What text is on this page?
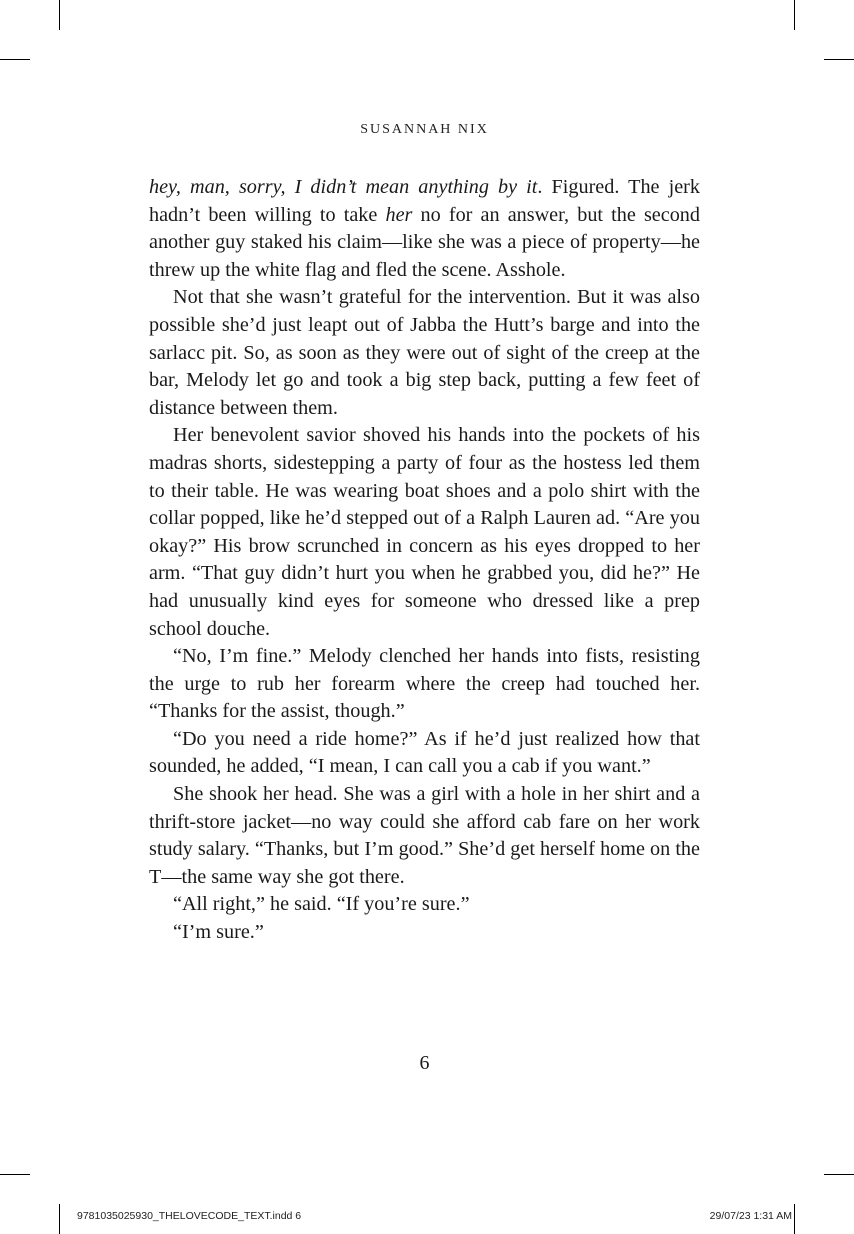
SUSANNAH NIX

hey, man, sorry, I didn’t mean anything by it. Figured. The jerk hadn’t been willing to take her no for an answer, but the second another guy staked his claim—like she was a piece of property—he threw up the white flag and fled the scene. Asshole.

Not that she wasn’t grateful for the intervention. But it was also possible she’d just leapt out of Jabba the Hutt’s barge and into the sarlacc pit. So, as soon as they were out of sight of the creep at the bar, Melody let go and took a big step back, putting a few feet of distance between them.

Her benevolent savior shoved his hands into the pockets of his madras shorts, sidestepping a party of four as the hostess led them to their table. He was wearing boat shoes and a polo shirt with the collar popped, like he’d stepped out of a Ralph Lauren ad. “Are you okay?” His brow scrunched in concern as his eyes dropped to her arm. “That guy didn’t hurt you when he grabbed you, did he?” He had unusually kind eyes for someone who dressed like a prep school douche.

“No, I’m fine.” Melody clenched her hands into fists, resisting the urge to rub her forearm where the creep had touched her. “Thanks for the assist, though.”

“Do you need a ride home?” As if he’d just realized how that sounded, he added, “I mean, I can call you a cab if you want.”

She shook her head. She was a girl with a hole in her shirt and a thrift-store jacket—no way could she afford cab fare on her work study salary. “Thanks, but I’m good.” She’d get herself home on the T—the same way she got there.

“All right,” he said. “If you’re sure.”

“I’m sure.”

6
9781035025930_THELOVECODE_TEXT.indd 6	29/07/23 1:31 AM
